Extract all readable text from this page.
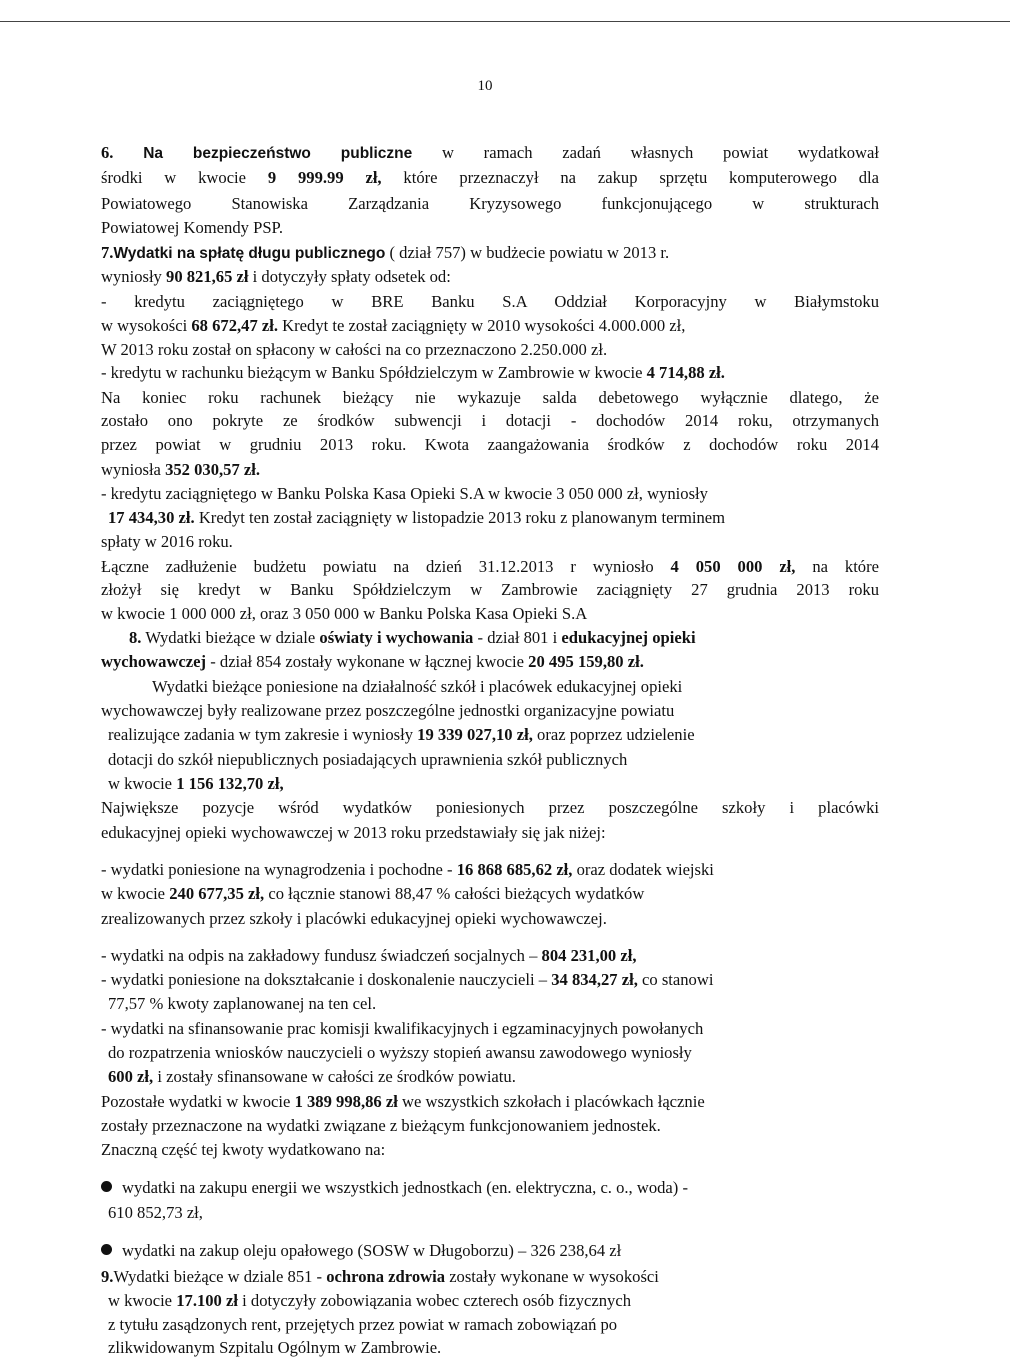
10
6. Na bezpieczeństwo publiczne w ramach zadań własnych powiat wydatkował
środki w kwocie 9 999.99 zł, które przeznaczył na zakup sprzętu komputerowego dla
Powiatowego Stanowiska Zarządzania Kryzysowego funkcjonującego w strukturach
Powiatowej Komendy PSP.
7.Wydatki na spłatę długu publicznego ( dział 757) w budżecie powiatu w 2013 r.
wyniosły 90 821,65 zł i dotyczyły spłaty odsetek od:
- kredytu zaciągniętego w BRE Banku S.A Oddział Korporacyjny w Białymstoku
w wysokości 68 672,47 zł. Kredyt te został zaciągnięty w 2010 wysokości 4.000.000 zł,
W 2013 roku został on spłacony w całości na co przeznaczono 2.250.000 zł.
- kredytu w rachunku bieżącym w Banku Spółdzielczym w Zambrowie w kwocie 4 714,88 zł.
Na koniec roku rachunek bieżący nie wykazuje salda debetowego wyłącznie dlatego, że
zostało ono pokryte ze środków subwencji i dotacji - dochodów 2014 roku, otrzymanych
przez powiat w grudniu 2013 roku. Kwota zaangażowania środków z dochodów roku 2014
wyniosła 352 030,57 zł.
- kredytu zaciągniętego w Banku Polska Kasa Opieki S.A w kwocie 3 050 000 zł, wyniosły
17 434,30 zł. Kredyt ten został zaciągnięty w listopadzie 2013 roku z planowanym terminem
spłaty w 2016 roku.
Łączne zadłużenie budżetu powiatu na dzień 31.12.2013 r wyniosło 4 050 000 zł, na które
złożył się kredyt w Banku Spółdzielczym w Zambrowie zaciągnięty 27 grudnia 2013 roku
w kwocie 1 000 000 zł, oraz 3 050 000 w Banku Polska Kasa Opieki S.A
8. Wydatki bieżące w dziale oświaty i wychowania - dział 801 i edukacyjnej opieki
wychowawczej - dział 854 zostały wykonane w łącznej kwocie 20 495 159,80 zł.
Wydatki bieżące poniesione na działalność szkół i placówek edukacyjnej opieki
wychowawczej były realizowane przez poszczególne jednostki organizacyjne powiatu
realizujące zadania w tym zakresie i wyniosły 19 339 027,10 zł, oraz poprzez udzielenie
dotacji do szkół niepublicznych posiadających uprawnienia szkół publicznych
w kwocie 1 156 132,70 zł,
Największe pozycje wśród wydatków poniesionych przez poszczególne szkoły i placówki
edukacyjnej opieki wychowawczej w 2013 roku przedstawiały się jak niżej:
- wydatki poniesione na wynagrodzenia i pochodne - 16 868 685,62 zł, oraz dodatek wiejski
w kwocie 240 677,35 zł, co łącznie stanowi 88,47 % całości bieżących wydatków
zrealizowanych przez szkoły i placówki edukacyjnej opieki wychowawczej.
- wydatki na odpis na zakładowy fundusz świadczeń socjalnych – 804 231,00 zł,
- wydatki poniesione na dokształcanie i doskonalenie nauczycieli – 34 834,27 zł, co stanowi
77,57 % kwoty zaplanowanej na ten cel.
- wydatki na sfinansowanie prac komisji kwalifikacyjnych i egzaminacyjnych powołanych
do rozpatrzenia wniosków nauczycieli o wyższy stopień awansu zawodowego wyniosły
600 zł, i zostały sfinansowane w całości ze środków powiatu.
Pozostałe wydatki w kwocie 1 389 998,86 zł we wszystkich szkołach i placówkach łącznie
zostały przeznaczone na wydatki związane z bieżącym funkcjonowaniem jednostek.
Znaczną część tej kwoty wydatkowano na:
wydatki na zakupu energii we wszystkich jednostkach (en. elektryczna, c. o., woda) -
610 852,73 zł,
wydatki na zakup oleju opałowego (SOSW w Długoborzu) – 326 238,64 zł
9.Wydatki bieżące w dziale 851 - ochrona zdrowia zostały wykonane w wysokości
w kwocie 17.100 zł i dotyczyły zobowiązania wobec czterech osób fizycznych
z tytułu zasądzonych rent, przejętych przez powiat w ramach zobowiązań po
zlikwidowanym Szpitalu Ogólnym w Zambrowie.
